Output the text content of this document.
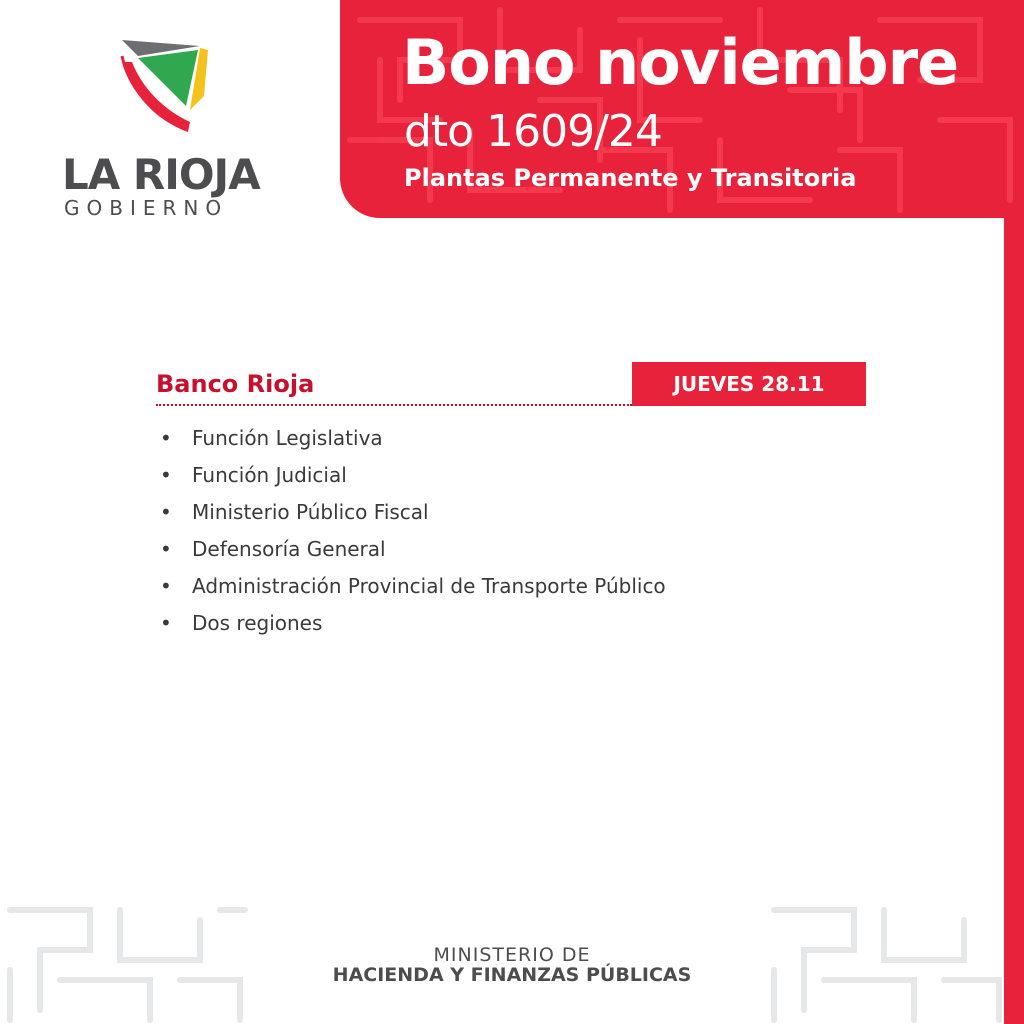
Bono noviembre
dto 1609/24
Plantas Permanente y Transitoria
LA RIOJA
GOBIERNO
Banco Rioja	JUEVES 28.11
• Función Legislativa
• Función Judicial
• Ministerio Público Fiscal
• Defensoría General
• Administración Provincial de Transporte Público
• Dos regiones
MINISTERIO DE
HACIENDA Y FINANZAS PÚBLICAS
